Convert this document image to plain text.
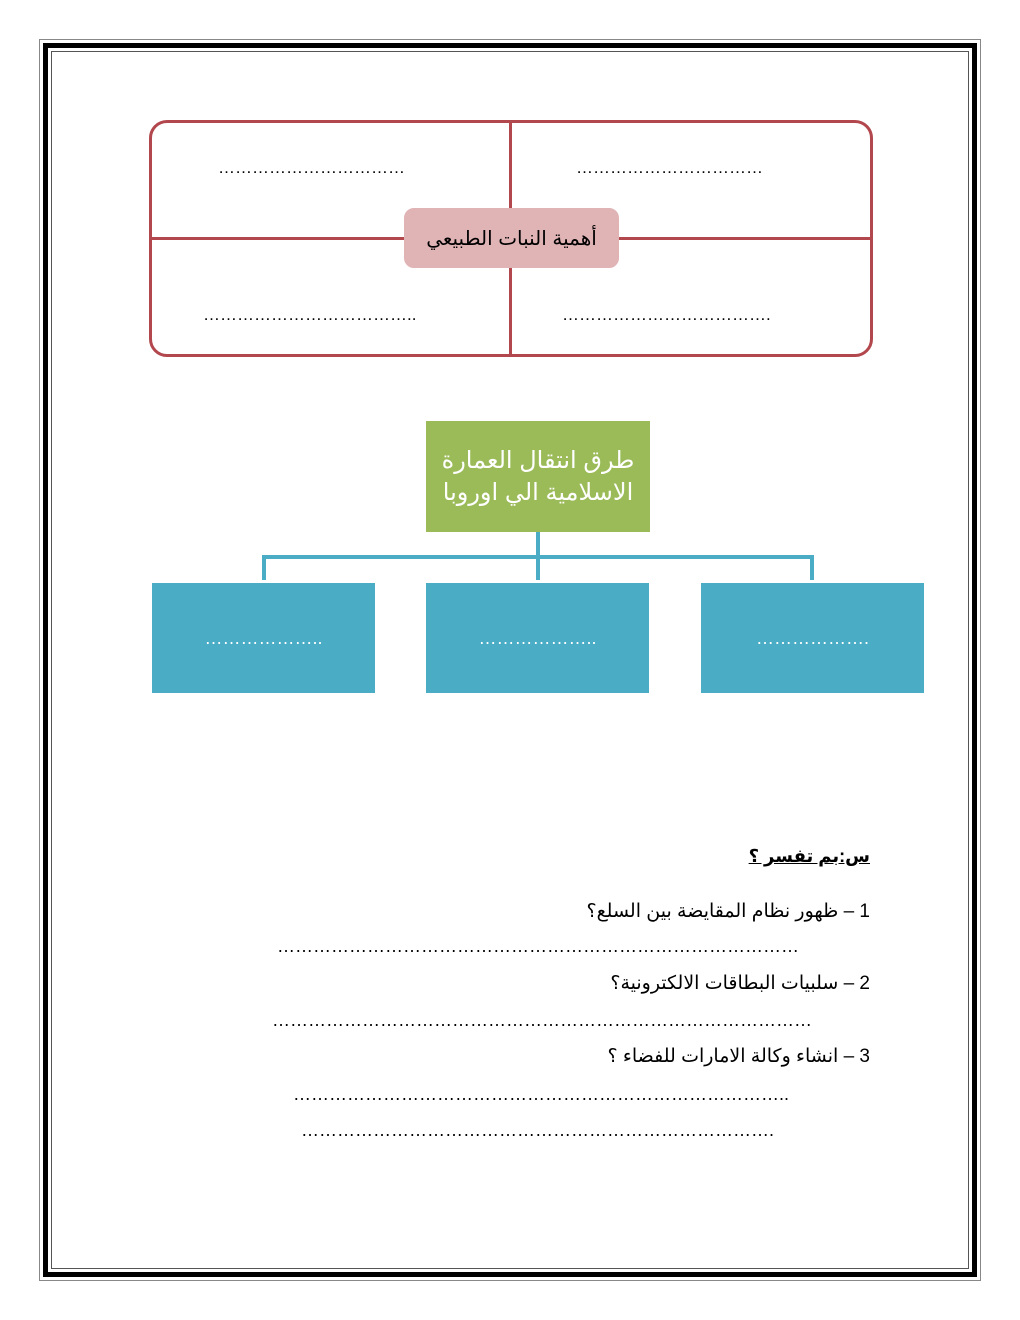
أهمية النبات الطبيعي
……………………………
……………………………
……………………………….
………………………………..
طرق انتقال العمارة الاسلامية الي اوروبا
……………….
………………..
………………..
س:بم تفسر ؟
1 – ظهور نظام المقايضة بين السلع؟
……………………………………………………………………………
2 – سلبيات البطاقات الالكترونية؟
………………………………………………………………………………
3 – انشاء وكالة الامارات للفضاء ؟
………………………………………………………………………..
…………………………………………………………………….
